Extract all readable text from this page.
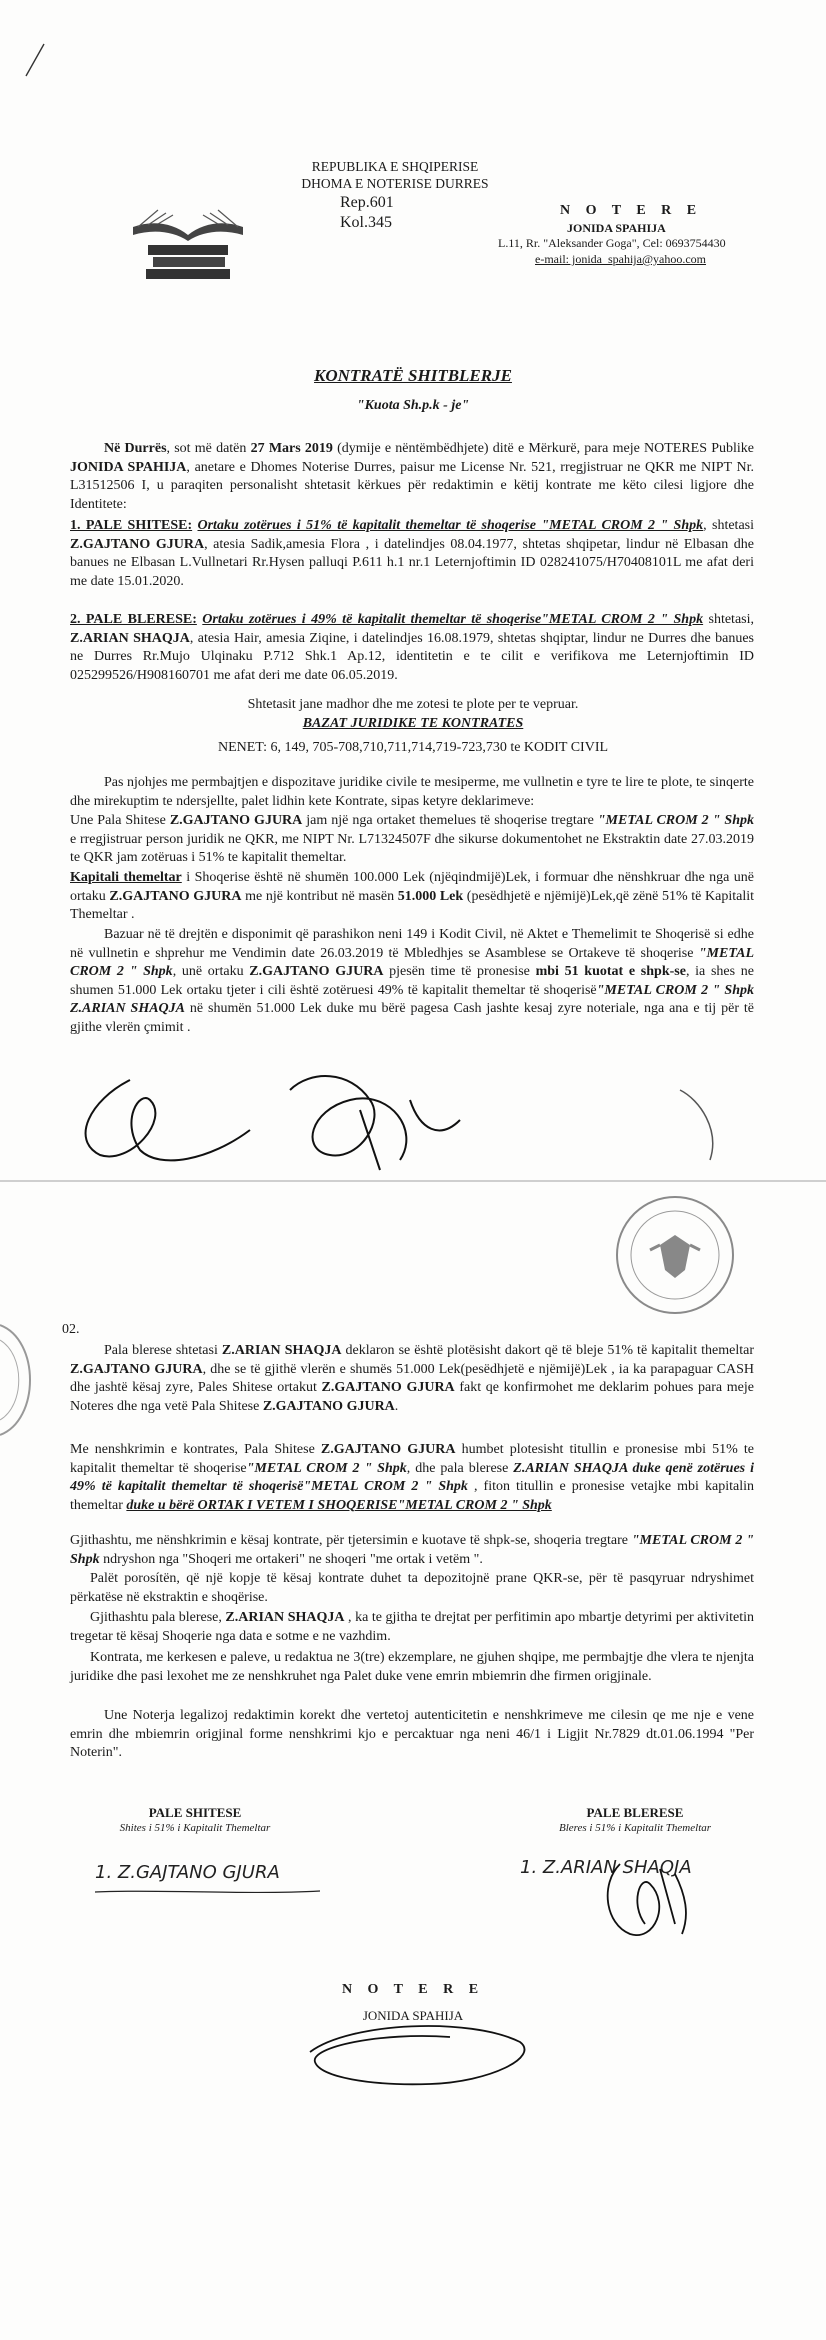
REPUBLIKA E SHQIPERISE
DHOMA E NOTERISE DURRES
Rep.601
Kol.345
N O T E R E
JONIDA SPAHIJA
L.11, Rr. "Aleksander Goga", Cel: 0693754430
e-mail: jonida_spahija@yahoo.com
KONTRATË SHITBLERJE
"Kuota Sh.p.k - je"

Në Durrës, sot më datën 27 Mars 2019 (dymije e nëntëmbëdhjete) ditë e Mërkurë, para meje NOTERES Publike JONIDA SPAHIJA, anetare e Dhomes Noterise Durres, paisur me License Nr. 521, rregjistruar ne QKR me NIPT Nr. L31512506 I, u paraqiten personalisht shtetasit kërkues për redaktimin e këtij kontrate me këto cilesi ligjore dhe Identitete:

1. PALE SHITESE: Ortaku zotërues i 51% të kapitalit themeltar të shoqerise "METAL CROM 2 " Shpk, shtetasi Z.GAJTANO GJURA, atesia Sadik,amesia Flora , i datelindjes 08.04.1977, shtetas shqipetar, lindur në Elbasan dhe banues ne Elbasan L.Vullnetari Rr.Hysen palluqi P.611 h.1 nr.1 Leternjoftimin ID 028241075/H70408101L me afat deri me date 15.01.2020.

2. PALE BLERESE: Ortaku zotërues i 49% të kapitalit themeltar të shoqerise"METAL CROM 2 " Shpk shtetasi, Z.ARIAN SHAQJA, atesia Hair, amesia Ziqine, i datelindjes 16.08.1979, shtetas shqiptar, lindur ne Durres dhe banues ne Durres Rr.Mujo Ulqinaku P.712 Shk.1 Ap.12, identitetin e te cilit e verifikova me Leternjoftimin ID 025299526/H908160701 me afat deri me date 06.05.2019.

Shtetasit jane madhor dhe me zotesi te plote per te vepruar.
BAZAT JURIDIKE TE KONTRATES
NENET: 6, 149, 705-708,710,711,714,719-723,730 te KODIT CIVIL

Pas njohjes me permbajtjen e dispozitave juridike civile te mesiperme, me vullnetin e tyre te lire te plote, te sinqerte dhe mirekuptim te ndersjellte, palet lidhin kete Kontrate, sipas ketyre deklarimeve:

Une Pala Shitese Z.GAJTANO GJURA jam një nga ortaket themelues të shoqerise tregtare "METAL CROM 2 " Shpk e rregjistruar person juridik ne QKR, me NIPT Nr. L71324507F dhe sikurse dokumentohet ne Ekstraktin date 27.03.2019 te QKR jam zotëruas i 51% te kapitalit themeltar.

Kapitali themeltar i Shoqerise është në shumën 100.000 Lek (njëqindmijë)Lek, i formuar dhe nënshkruar dhe nga unë ortaku Z.GAJTANO GJURA me një kontribut në masën 51.000 Lek (pesëdhjetë e njëmijë)Lek,që zënë 51% të Kapitalit Themeltar .

Bazuar në të drejtën e disponimit që parashikon neni 149 i Kodit Civil, në Aktet e Themelimit te Shoqerisë si edhe në vullnetin e shprehur me Vendimin date 26.03.2019 të Mbledhjes se Asamblese se Ortakeve të shoqerise "METAL CROM 2 " Shpk, unë ortaku Z.GAJTANO GJURA pjesën time të pronesise mbi 51 kuotat e shpk-se, ia shes ne shumen 51.000 Lek ortaku tjeter i cili është zotëruesi 49% të kapitalit themeltar të shoqerisë"METAL CROM 2 " Shpk Z.ARIAN SHAQJA në shumën 51.000 Lek duke mu bërë pagesa Cash jashte kesaj zyre noteriale, nga ana e tij për të gjithe vlerën çmimit .

02.

Pala blerese shtetasi Z.ARIAN SHAQJA deklaron se është plotësisht dakort që të bleje 51% të kapitalit themeltar Z.GAJTANO GJURA, dhe se të gjithë vlerën e shumës 51.000 Lek(pesëdhjetë e njëmijë)Lek , ia ka parapaguar CASH dhe jashtë kësaj zyre, Pales Shitese ortakut Z.GAJTANO GJURA fakt qe konfirmohet me deklarim pohues para meje Noteres dhe nga vetë Pala Shitese Z.GAJTANO GJURA.

Me nenshkrimin e kontrates, Pala Shitese Z.GAJTANO GJURA humbet plotesisht titullin e pronesise mbi 51% te kapitalit themeltar të shoqerise"METAL CROM 2 " Shpk, dhe pala blerese Z.ARIAN SHAQJA duke qenë zotërues i 49% të kapitalit themeltar të shoqerisë"METAL CROM 2 " Shpk , fiton titullin e pronesise vetajke mbi kapitalin themeltar duke u bërë ORTAK I VETEM I SHOQERISE"METAL CROM 2 " Shpk

Gjithashtu, me nënshkrimin e kësaj kontrate, për tjetersimin e kuotave të shpk-se, shoqeria tregtare "METAL CROM 2 " Shpk ndryshon nga "Shoqeri me ortakeri" ne shoqeri "me ortak i vetëm ".

Palët porosítën, që një kopje të kësaj kontrate duhet ta depozitojnë prane QKR-se, për të pasqyruar ndryshimet përkatëse në ekstraktin e shoqërise.

Gjithashtu pala blerese, Z.ARIAN SHAQJA , ka te gjitha te drejtat per perfitimin apo mbartje detyrimi per aktivitetin tregetar të kësaj Shoqerie nga data e sotme e ne vazhdim.

Kontrata, me kerkesen e paleve, u redaktua ne 3(tre) ekzemplare, ne gjuhen shqipe, me permbajtje dhe vlera te njenjta juridike dhe pasi lexohet me ze nenshkruhet nga Palet duke vene emrin mbiemrin dhe firmen origjinale.

Une Noterja legalizoj redaktimin korekt dhe vertetoj autenticitetin e nenshkrimeve me cilesin qe me nje e vene emrin dhe mbiemrin origjinal forme nenshkrimi kjo e percaktuar nga neni 46/1 i Ligjit Nr.7829 dt.01.06.1994 "Per Noterin".

PALE SHITESE
Shites i 51% i Kapitalit Themeltar
1. Z.GAJTANO GJURA
PALE BLERESE
Bleres i 51% i Kapitalit Themeltar
1. Z.ARIAN SHAQJA
N O T E R E
JONIDA SPAHIJA
